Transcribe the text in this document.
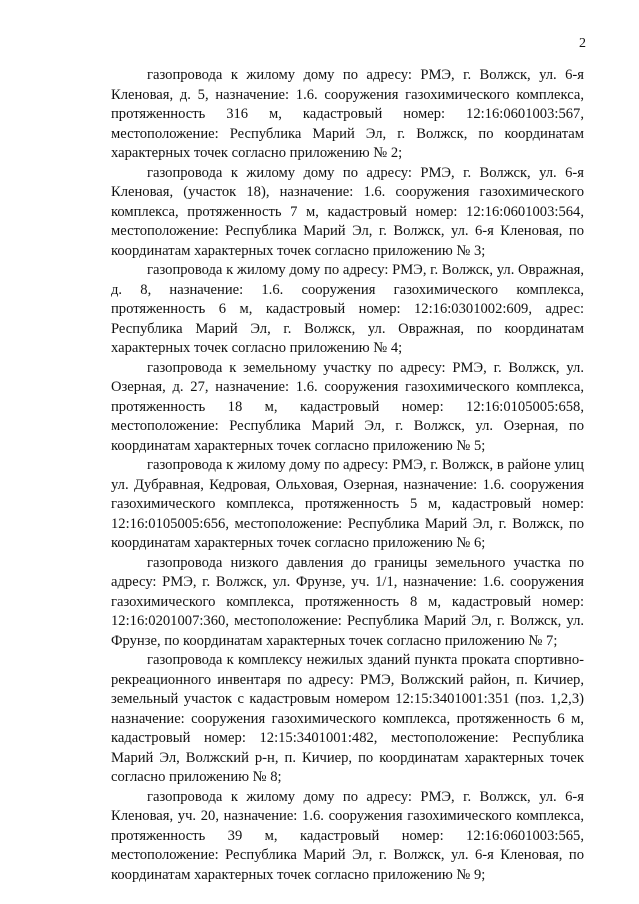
2

газопровода к жилому дому по адресу: РМЭ, г. Волжск, ул. 6-я Кленовая, д. 5, назначение: 1.6. сооружения газохимического комплекса, протяженность 316 м, кадастровый номер: 12:16:0601003:567, местоположение: Республика Марий Эл, г. Волжск, по координатам характерных точек согласно приложению № 2;

газопровода к жилому дому по адресу: РМЭ, г. Волжск, ул. 6-я Кленовая, (участок 18), назначение: 1.6. сооружения газохимического комплекса, протяженность 7 м, кадастровый номер: 12:16:0601003:564, местоположение: Республика Марий Эл, г. Волжск, ул. 6-я Кленовая, по координатам характерных точек согласно приложению № 3;

газопровода к жилому дому по адресу: РМЭ, г. Волжск, ул. Овражная, д. 8, назначение: 1.6. сооружения газохимического комплекса, протяженность 6 м, кадастровый номер: 12:16:0301002:609, адрес: Республика Марий Эл, г. Волжск, ул. Овражная, по координатам характерных точек согласно приложению № 4;

газопровода к земельному участку по адресу: РМЭ, г. Волжск, ул. Озерная, д. 27, назначение: 1.6. сооружения газохимического комплекса, протяженность 18 м, кадастровый номер: 12:16:0105005:658, местоположение: Республика Марий Эл, г. Волжск, ул. Озерная, по координатам характерных точек согласно приложению № 5;

газопровода к жилому дому по адресу: РМЭ, г. Волжск, в районе улиц ул. Дубравная, Кедровая, Ольховая, Озерная, назначение: 1.6. сооружения газохимического комплекса, протяженность 5 м, кадастровый номер: 12:16:0105005:656, местоположение: Республика Марий Эл, г. Волжск, по координатам характерных точек согласно приложению № 6;

газопровода низкого давления до границы земельного участка по адресу: РМЭ, г. Волжск, ул. Фрунзе, уч. 1/1, назначение: 1.6. сооружения газохимического комплекса, протяженность 8 м, кадастровый номер: 12:16:0201007:360, местоположение: Республика Марий Эл, г. Волжск, ул. Фрунзе, по координатам характерных точек согласно приложению № 7;

газопровода к комплексу нежилых зданий пункта проката спортивно- рекреационного инвентаря по адресу: РМЭ, Волжский район, п. Кичиер, земельный участок с кадастровым номером 12:15:3401001:351 (поз. 1,2,3) назначение: сооружения газохимического комплекса, протяженность 6 м, кадастровый номер: 12:15:3401001:482, местоположение: Республика Марий Эл, Волжский р-н, п. Кичиер, по координатам характерных точек согласно приложению № 8;

газопровода к жилому дому по адресу: РМЭ, г. Волжск, ул. 6-я Кленовая, уч. 20, назначение: 1.6. сооружения газохимического комплекса, протяженность 39 м, кадастровый номер: 12:16:0601003:565, местоположение: Республика Марий Эл, г. Волжск, ул. 6-я Кленовая, по координатам характерных точек согласно приложению № 9;
